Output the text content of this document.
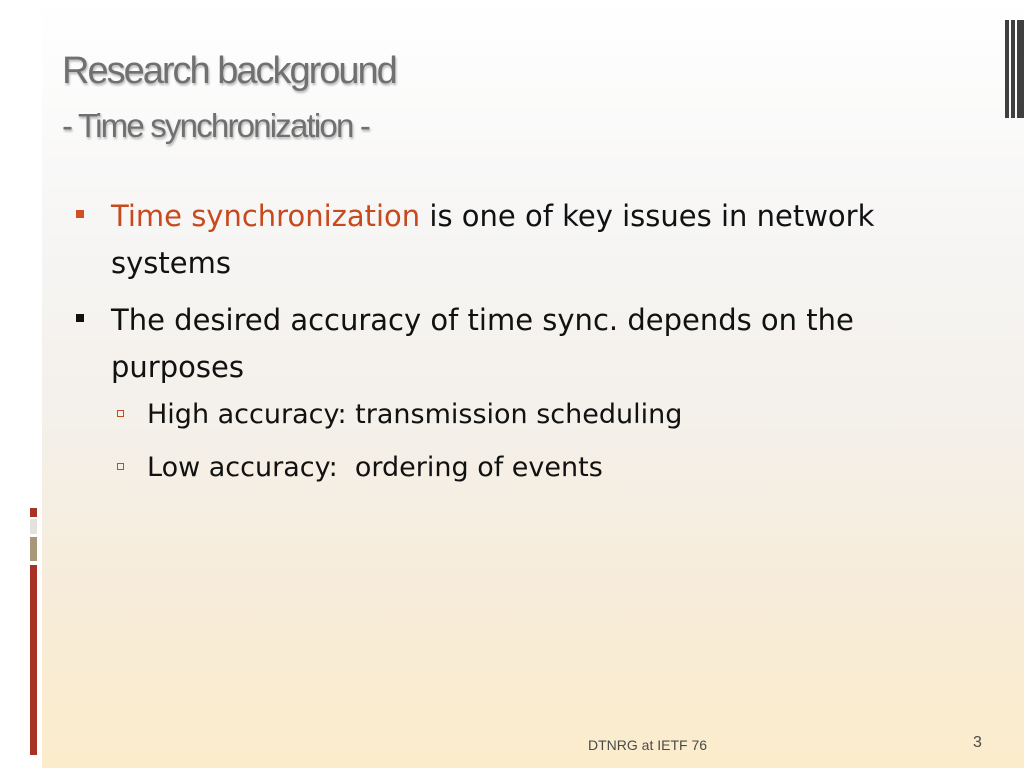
Research background
- Time synchronization -
Time synchronization is one of key issues in network systems
The desired accuracy of time sync. depends on the purposes
High accuracy: transmission scheduling
Low accuracy:  ordering of events
DTNRG at IETF 76	3
